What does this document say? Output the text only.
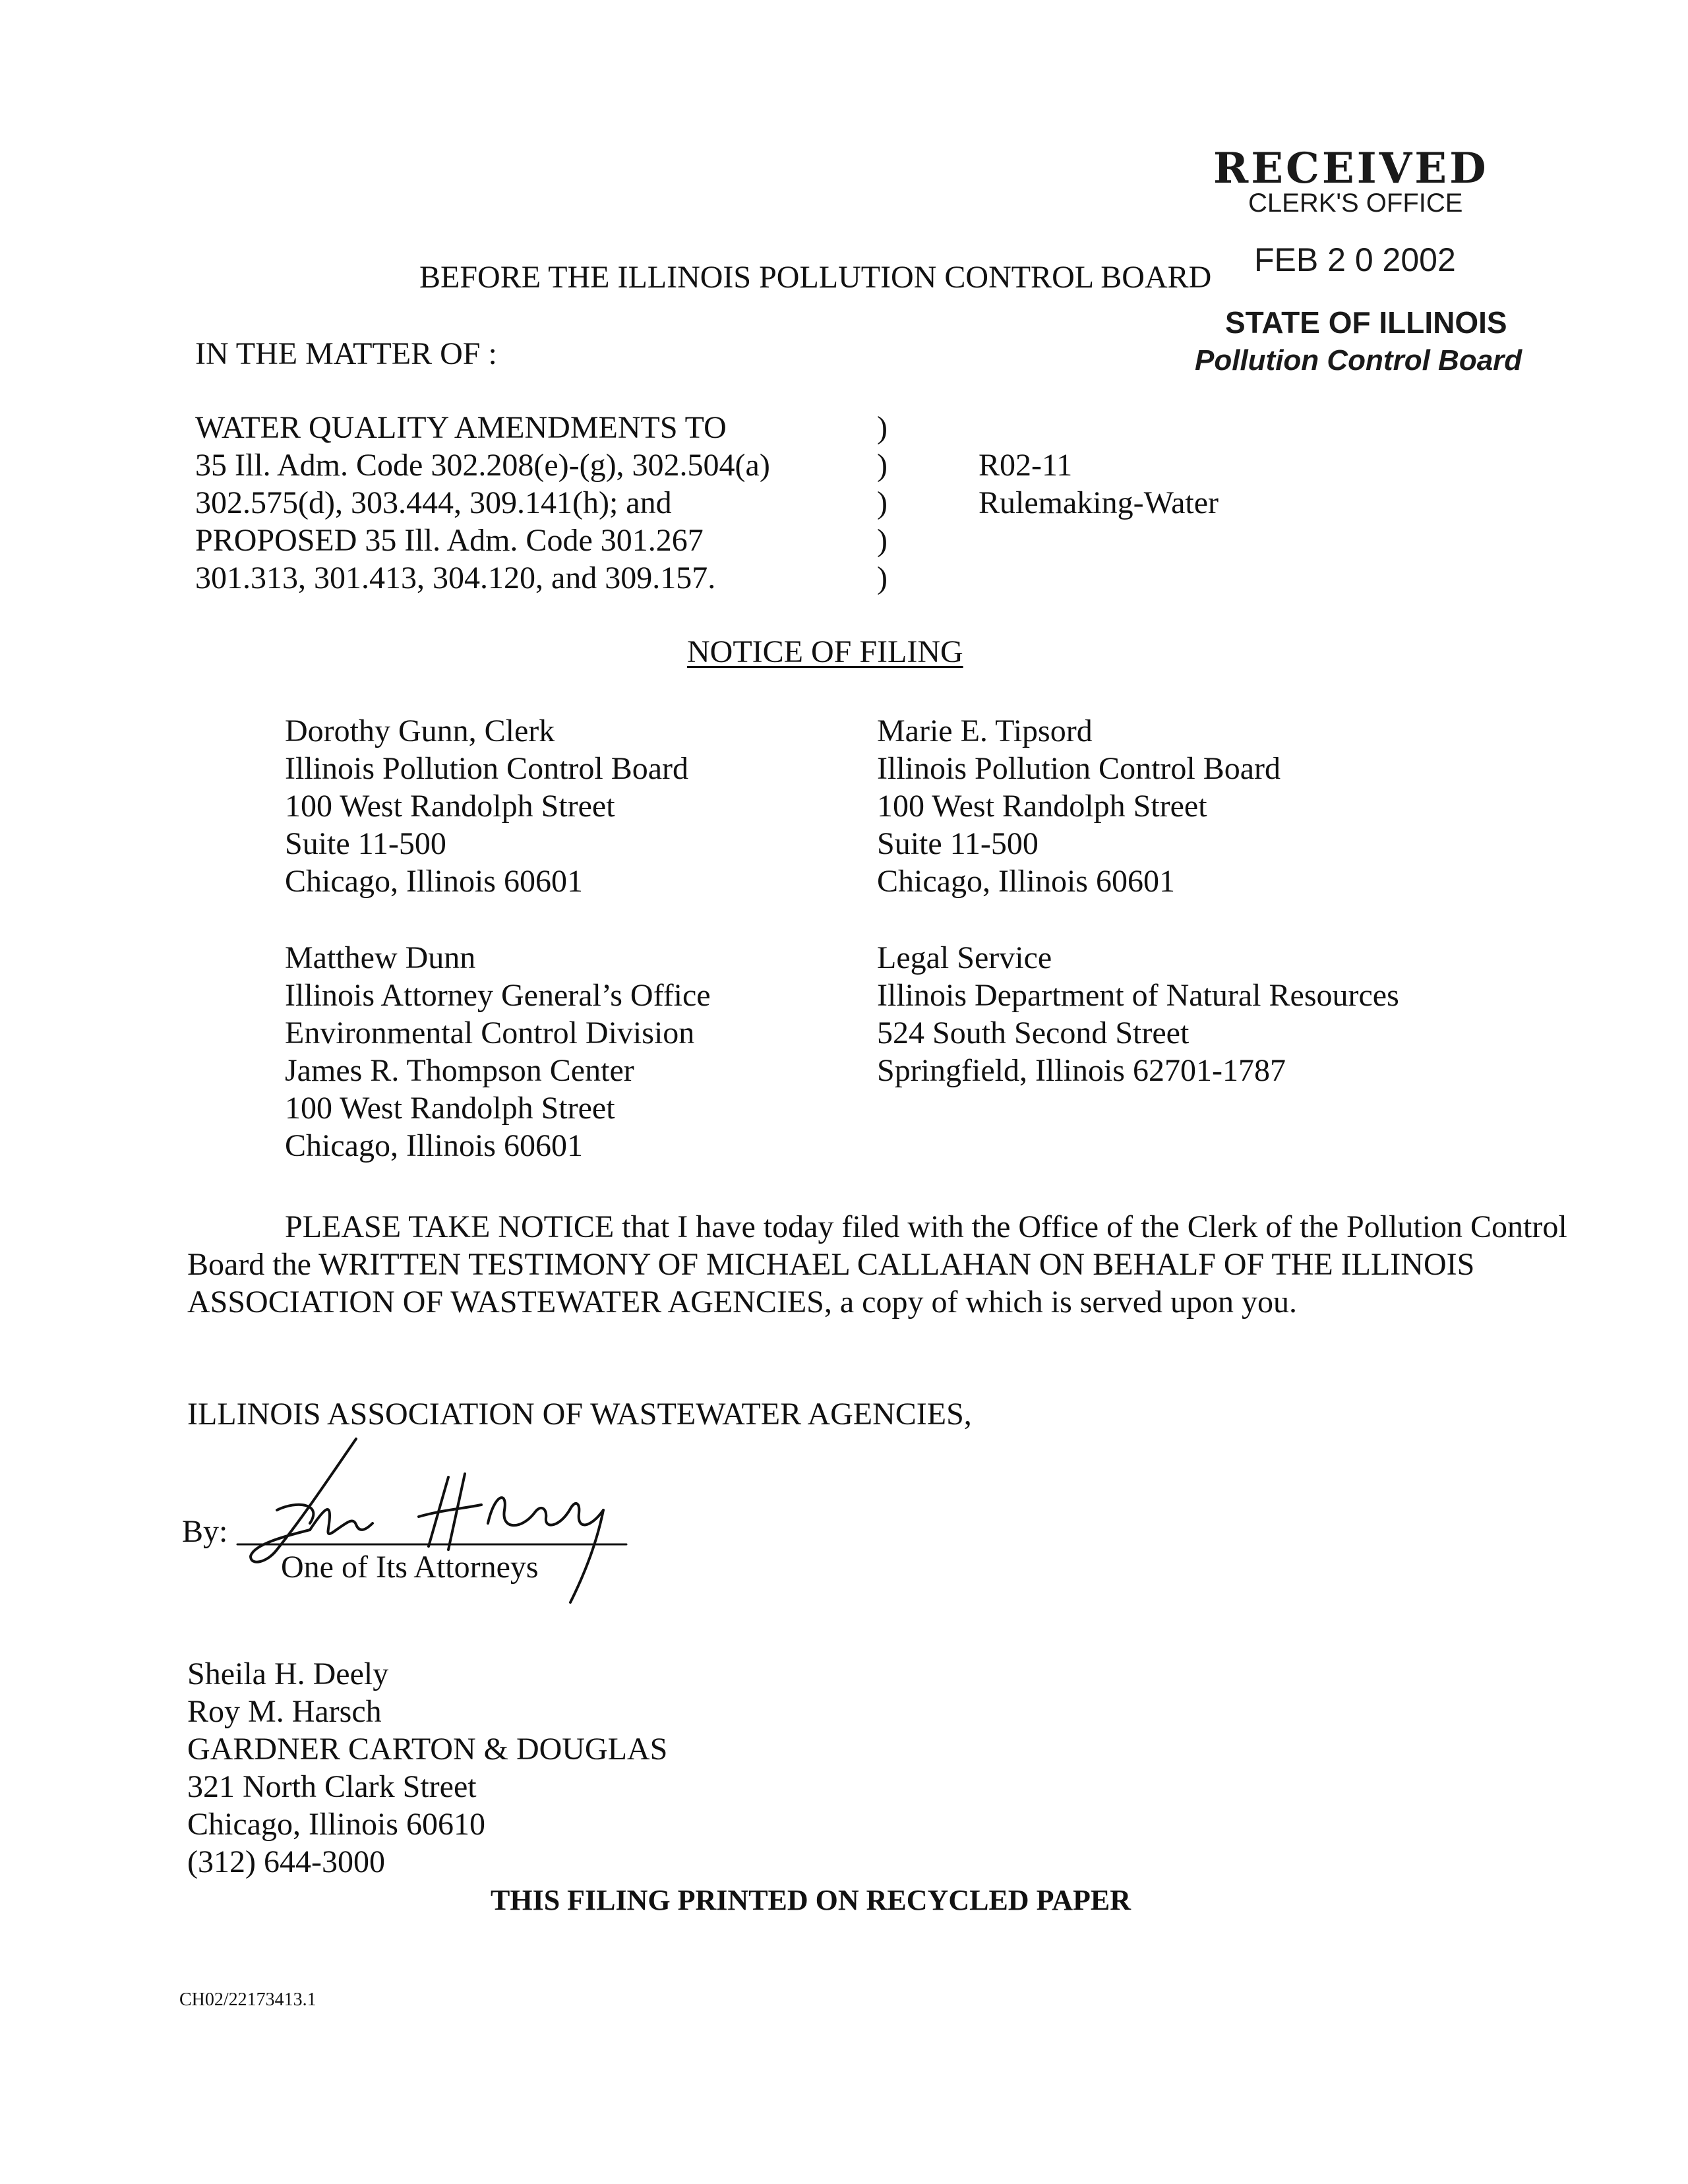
RECEIVED
CLERK'S OFFICE
FEB 2 0 2002
STATE OF ILLINOIS
Pollution Control Board
BEFORE THE ILLINOIS POLLUTION CONTROL BOARD
IN THE MATTER OF :
WATER QUALITY AMENDMENTS TO
35 Ill. Adm. Code 302.208(e)-(g), 302.504(a)
302.575(d), 303.444, 309.141(h); and
PROPOSED 35 Ill. Adm. Code 301.267
301.313, 301.413, 304.120, and 309.157.
)
)
)
)
)
R02-11
Rulemaking-Water
NOTICE OF FILING
Dorothy Gunn, Clerk
Illinois Pollution Control Board
100 West Randolph Street
Suite 11-500
Chicago, Illinois 60601
Marie E. Tipsord
Illinois Pollution Control Board
100 West Randolph Street
Suite 11-500
Chicago, Illinois 60601
Matthew Dunn
Illinois Attorney General’s Office
Environmental Control Division
James R. Thompson Center
100 West Randolph Street
Chicago, Illinois 60601
Legal Service
Illinois Department of Natural Resources
524 South Second Street
Springfield, Illinois 62701-1787
PLEASE TAKE NOTICE that I have today filed with the Office of the Clerk of the Pollution Control Board the WRITTEN TESTIMONY OF MICHAEL CALLAHAN ON BEHALF OF THE ILLINOIS ASSOCIATION OF WASTEWATER AGENCIES, a copy of which is served upon you.
ILLINOIS ASSOCIATION OF WASTEWATER AGENCIES,
By:
One of Its Attorneys
Sheila H. Deely
Roy M. Harsch
GARDNER CARTON & DOUGLAS
321 North Clark Street
Chicago, Illinois 60610
(312) 644-3000
THIS FILING PRINTED ON RECYCLED PAPER
CH02/22173413.1
